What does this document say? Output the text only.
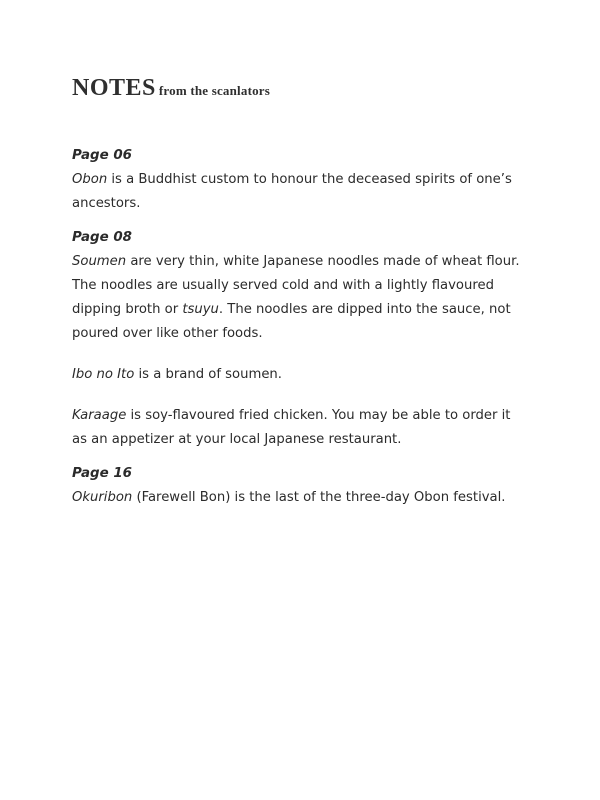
NOTES from the scanlators
Page 06

Obon is a Buddhist custom to honour the deceased spirits of one’s ancestors.

Page 08

Soumen are very thin, white Japanese noodles made of wheat flour. The noodles are usually served cold and with a lightly flavoured dipping broth or tsuyu. The noodles are dipped into the sauce, not poured over like other foods.

Ibo no Ito is a brand of soumen.

Karaage is soy-flavoured fried chicken. You may be able to order it as an appetizer at your local Japanese restaurant.

Page 16

Okuribon (Farewell Bon) is the last of the three-day Obon festival.
